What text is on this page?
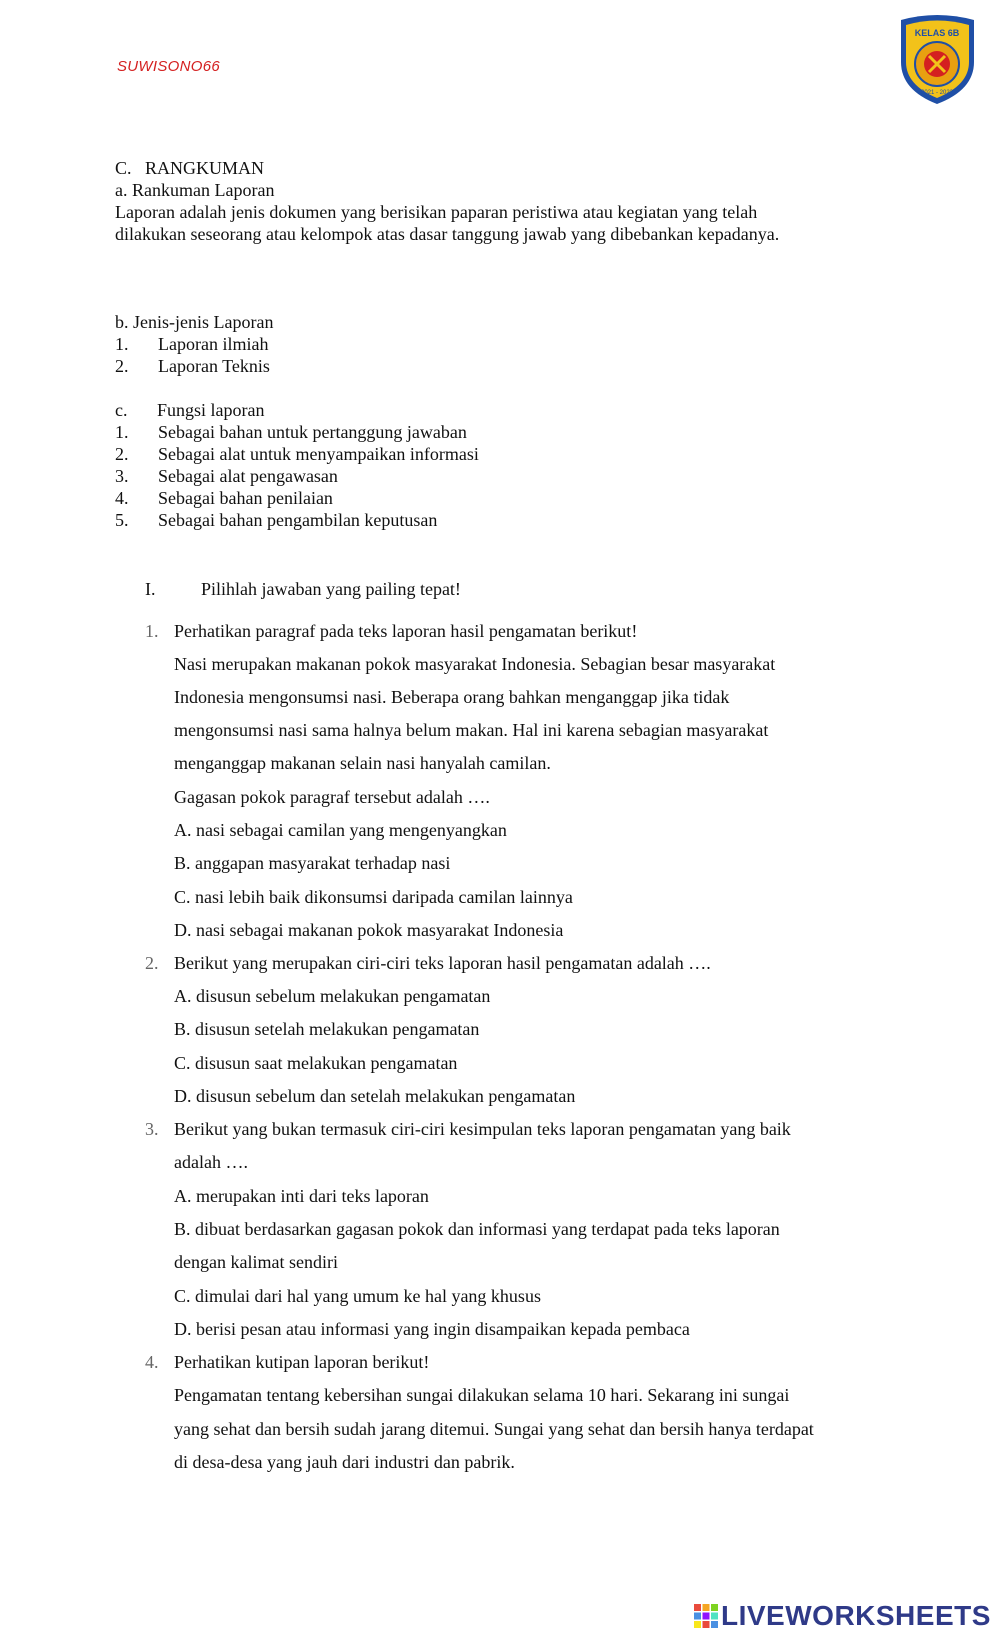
SUWISONO66
KELAS 6B
2021 - 2022
C. RANGKUMAN
a. Rankuman Laporan
Laporan adalah jenis dokumen yang berisikan paparan peristiwa atau kegiatan yang telah
dilakukan seseorang atau kelompok atas dasar tanggung jawab yang dibebankan kepadanya.
b. Jenis-jenis Laporan
1. Laporan ilmiah
2. Laporan Teknis
c. Fungsi laporan
1. Sebagai bahan untuk pertanggung jawaban
2. Sebagai alat untuk menyampaikan informasi
3. Sebagai alat pengawasan
4. Sebagai bahan penilaian
5. Sebagai bahan pengambilan keputusan
I.	Pilihlah jawaban yang pailing tepat!
1. Perhatikan paragraf pada teks laporan hasil pengamatan berikut!
Nasi merupakan makanan pokok masyarakat Indonesia. Sebagian besar masyarakat
Indonesia mengonsumsi nasi. Beberapa orang bahkan menganggap jika tidak
mengonsumsi nasi sama halnya belum makan. Hal ini karena sebagian masyarakat
menganggap makanan selain nasi hanyalah camilan.
Gagasan pokok paragraf tersebut adalah ….
A. nasi sebagai camilan yang mengenyangkan
B. anggapan masyarakat terhadap nasi
C. nasi lebih baik dikonsumsi daripada camilan lainnya
D. nasi sebagai makanan pokok masyarakat Indonesia
2. Berikut yang merupakan ciri-ciri teks laporan hasil pengamatan adalah ….
A. disusun sebelum melakukan pengamatan
B. disusun setelah melakukan pengamatan
C. disusun saat melakukan pengamatan
D. disusun sebelum dan setelah melakukan pengamatan
3. Berikut yang bukan termasuk ciri-ciri kesimpulan teks laporan pengamatan yang baik
adalah ….
A. merupakan inti dari teks laporan
B. dibuat berdasarkan gagasan pokok dan informasi yang terdapat pada teks laporan
dengan kalimat sendiri
C. dimulai dari hal yang umum ke hal yang khusus
D. berisi pesan atau informasi yang ingin disampaikan kepada pembaca
4. Perhatikan kutipan laporan berikut!
Pengamatan tentang kebersihan sungai dilakukan selama 10 hari. Sekarang ini sungai
yang sehat dan bersih sudah jarang ditemui. Sungai yang sehat dan bersih hanya terdapat
di desa-desa yang jauh dari industri dan pabrik.
LIVEWORKSHEETS
